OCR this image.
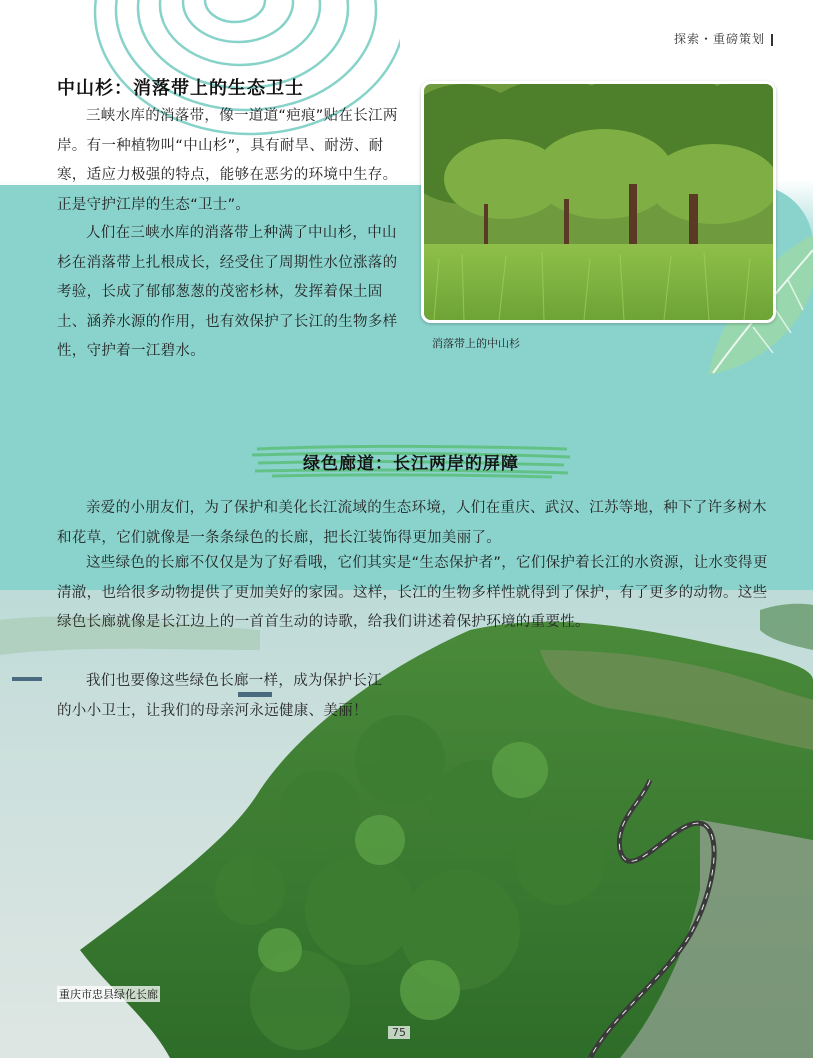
探索・重磅策划
中山杉：消落带上的生态卫士

三峡水库的消落带，像一道道“疤痕”贴在长江两岸。有一种植物叫“中山杉”，具有耐旱、耐涝、耐寒，适应力极强的特点，能够在恶劣的环境中生存。正是守护江岸的生态“卫士”。

人们在三峡水库的消落带上种满了中山杉，中山杉在消落带上扎根成长，经受住了周期性水位涨落的考验，长成了郁郁葱葱的茂密杉林，发挥着保土固土、涵养水源的作用，也有效保护了长江的生物多样性，守护着一江碧水。	消落带上的中山杉
绿色廊道：长江两岸的屏障

亲爱的小朋友们，为了保护和美化长江流域的生态环境，人们在重庆、武汉、江苏等地，种下了许多树木和花草，它们就像是一条条绿色的长廊，把长江装饰得更加美丽了。

这些绿色的长廊不仅仅是为了好看哦，它们其实是“生态保护者”，它们保护着长江的水资源，让水变得更清澈，也给很多动物提供了更加美好的家园。这样，长江的生物多样性就得到了保护，有了更多的动物。这些绿色长廊就像是长江边上的一首首生动的诗歌，给我们讲述着保护环境的重要性。

我们也要像这些绿色长廊一样，成为保护长江的小小卫士，让我们的母亲河永远健康、美丽！

重庆市忠县绿化长廊
75
